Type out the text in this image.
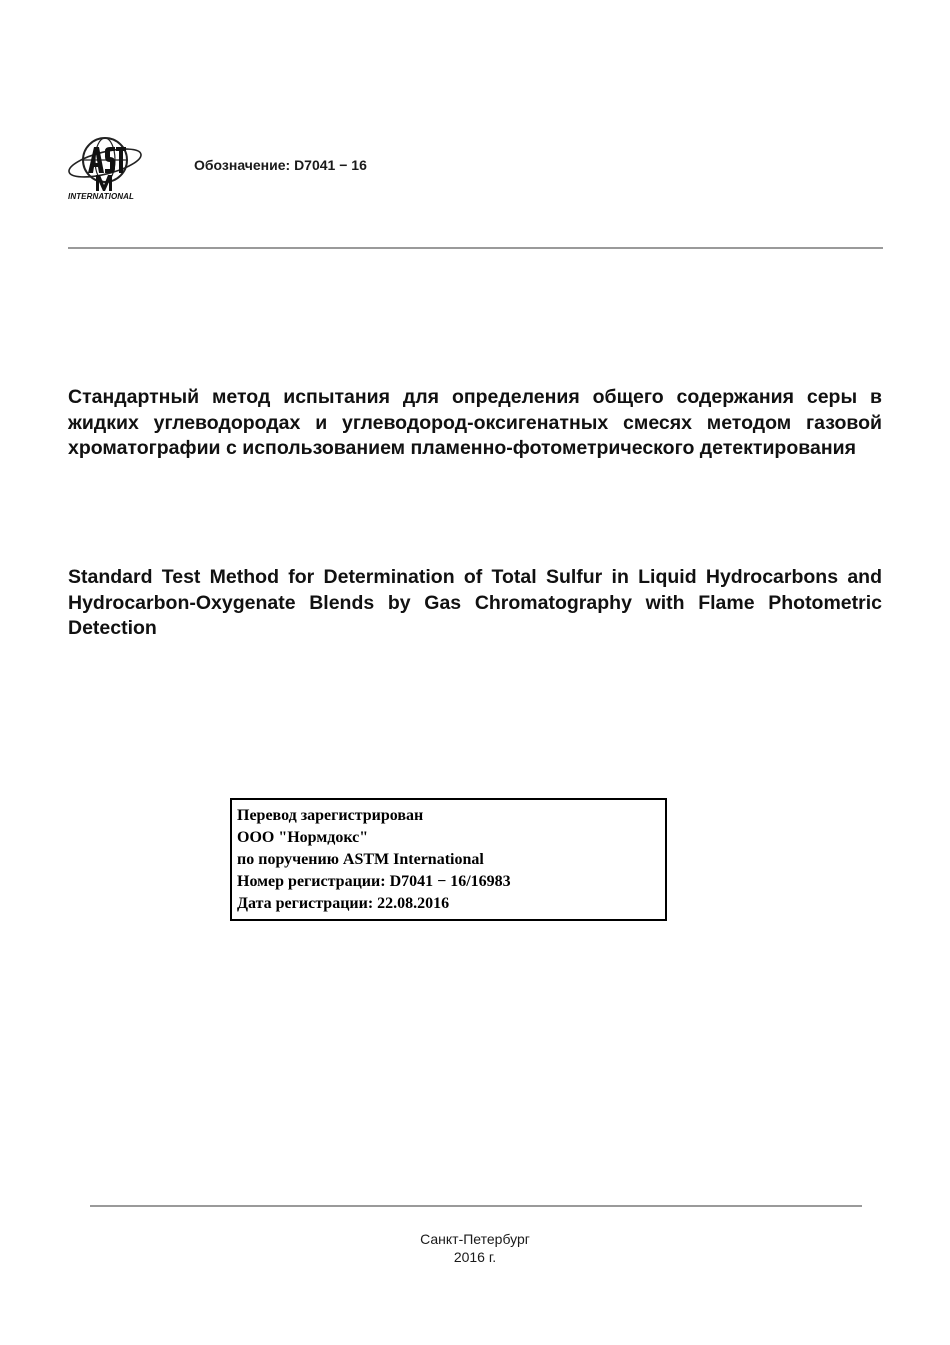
INTERNATIONAL
Обозначение: D7041 − 16
Стандартный метод испытания для определения общего содержания серы в жидких углеводородах и углеводород-оксигенатных смесях методом газовой хроматографии с использованием пламенно-фотометрического детектирования
Standard Test Method for Determination of Total Sulfur in Liquid Hydrocarbons and Hydrocarbon-Oxygenate Blends by Gas Chromatography with Flame Photometric Detection
Перевод зарегистрирован
ООО "Нормдокс"
по поручению ASTM International
Номер регистрации: D7041 − 16/16983
Дата регистрации: 22.08.2016
Санкт-Петербург
2016 г.
